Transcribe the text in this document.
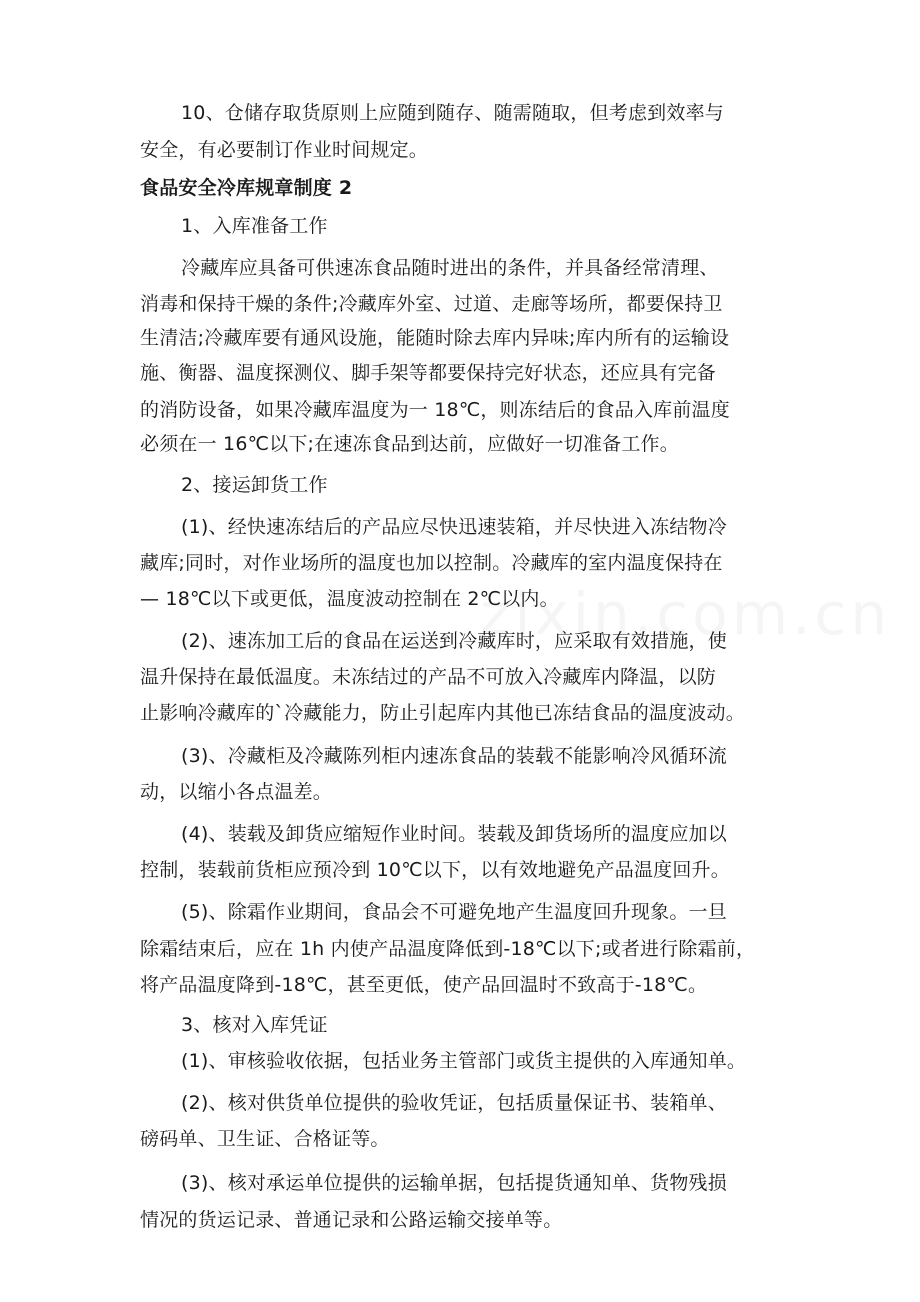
10、仓储存取货原则上应随到随存、随需随取，但考虑到效率与
安全，有必要制订作业时间规定。
食品安全冷库规章制度 2
1、入库准备工作
冷藏库应具备可供速冻食品随时进出的条件，并具备经常清理、
消毒和保持干燥的条件;冷藏库外室、过道、走廊等场所，都要保持卫
生清洁;冷藏库要有通风设施，能随时除去库内异味;库内所有的运输设
施、衡器、温度探测仪、脚手架等都要保持完好状态，还应具有完备
的消防设备，如果冷藏库温度为一 18℃，则冻结后的食品入库前温度
必须在一 16℃以下;在速冻食品到达前，应做好一切准备工作。
2、接运卸货工作
(1)、经快速冻结后的产品应尽快迅速装箱，并尽快进入冻结物冷
藏库;同时，对作业场所的温度也加以控制。冷藏库的室内温度保持在
— 18℃以下或更低，温度波动控制在 2℃以内。
(2)、速冻加工后的食品在运送到冷藏库时，应采取有效措施，使
温升保持在最低温度。未冻结过的产品不可放入冷藏库内降温，以防
止影响冷藏库的`冷藏能力，防止引起库内其他已冻结食品的温度波动。
(3)、冷藏柜及冷藏陈列柜内速冻食品的装载不能影响冷风循环流
动，以缩小各点温差。
(4)、装载及卸货应缩短作业时间。装载及卸货场所的温度应加以
控制，装载前货柜应预冷到 10℃以下，以有效地避免产品温度回升。
(5)、除霜作业期间，食品会不可避免地产生温度回升现象。一旦
除霜结束后，应在 1h 内使产品温度降低到-18℃以下;或者进行除霜前，
将产品温度降到-18℃，甚至更低，使产品回温时不致高于-18℃。
3、核对入库凭证
(1)、审核验收依据，包括业务主管部门或货主提供的入库通知单。
(2)、核对供货单位提供的验收凭证，包括质量保证书、装箱单、
磅码单、卫生证、合格证等。
(3)、核对承运单位提供的运输单据，包括提货通知单、货物残损
情况的货运记录、普通记录和公路运输交接单等。
